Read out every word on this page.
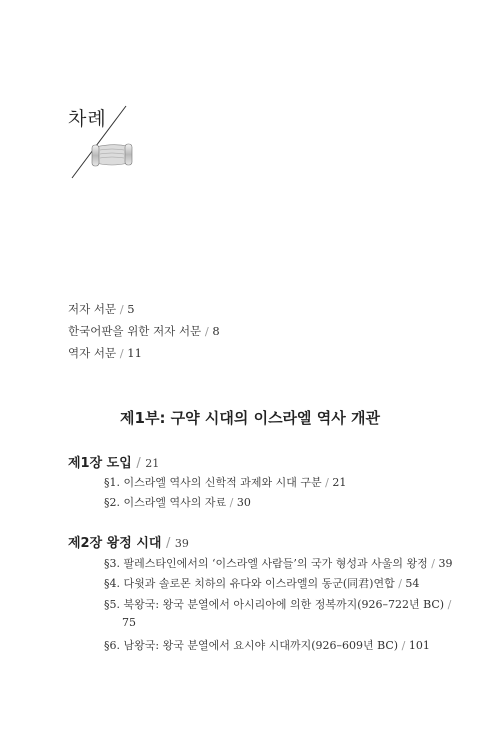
차례
저자 서문 / 5
한국어판을 위한 저자 서문 / 8
역자 서문 / 11
제1부: 구약 시대의 이스라엘 역사 개관
제1장 도입 / 21
§1. 이스라엘 역사의 신학적 과제와 시대 구분 / 21
§2. 이스라엘 역사의 자료 / 30
제2장 왕정 시대 / 39
§3. 팔레스타인에서의 ‘이스라엘 사람들’의 국가 형성과 사울의 왕정 / 39
§4. 다윗과 솔로몬 치하의 유다와 이스라엘의 동군(同君)연합 / 54
§5. 북왕국: 왕국 분열에서 아시리아에 의한 정복까지(926–722년 BC) /
75
§6. 남왕국: 왕국 분열에서 요시야 시대까지(926–609년 BC) / 101
